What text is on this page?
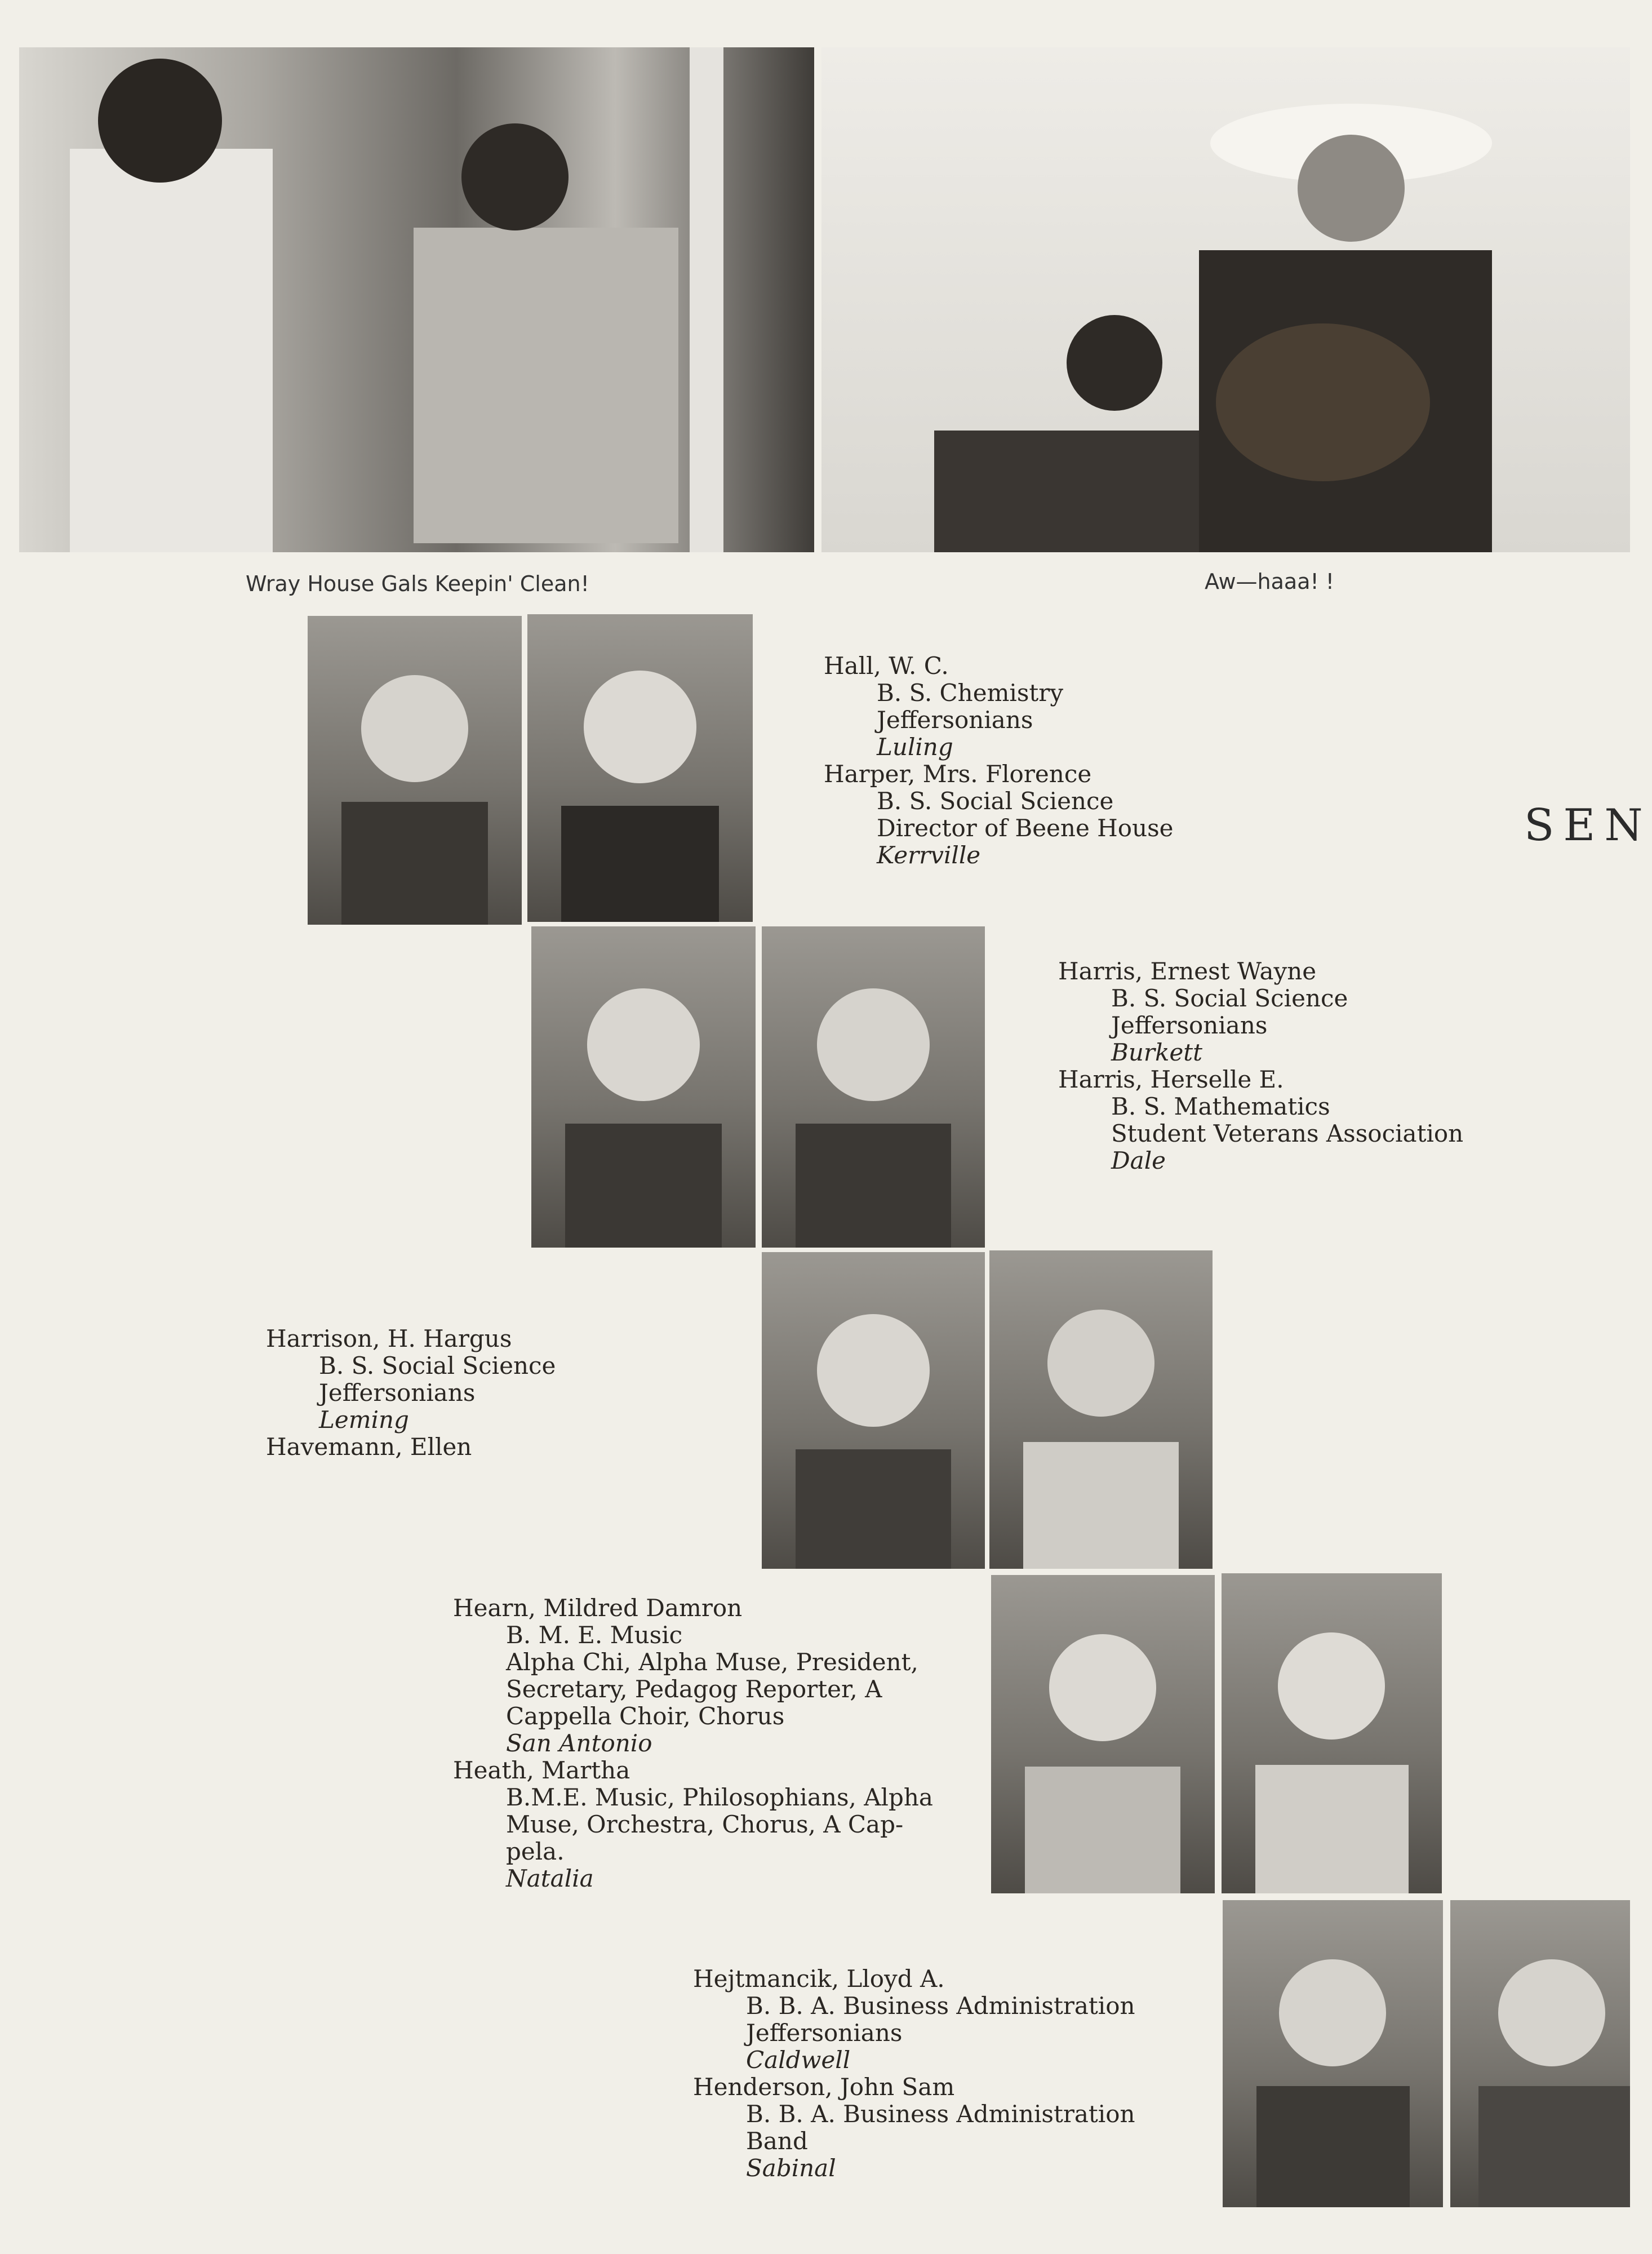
Wray House Gals Keepin' Clean!	Aw—haaa! !
SEN
Hall, W. C.
B. S. Chemistry
Jeffersonians
Luling
Harper, Mrs. Florence
B. S. Social Science
Director of Beene House
Kerrville
Harris, Ernest Wayne
B. S. Social Science
Jeffersonians
Burkett
Harris, Herselle E.
B. S. Mathematics
Student Veterans Association
Dale
Harrison, H. Hargus
B. S. Social Science
Jeffersonians
Leming
Havemann, Ellen
Hearn, Mildred Damron
B. M. E. Music
Alpha Chi, Alpha Muse, President,
Secretary, Pedagog Reporter, A
Cappella Choir, Chorus
San Antonio
Heath, Martha
B.M.E. Music, Philosophians, Alpha
Muse, Orchestra, Chorus, A Cap-
pela.
Natalia
Hejtmancik, Lloyd A.
B. B. A. Business Administration
Jeffersonians
Caldwell
Henderson, John Sam
B. B. A. Business Administration
Band
Sabinal
